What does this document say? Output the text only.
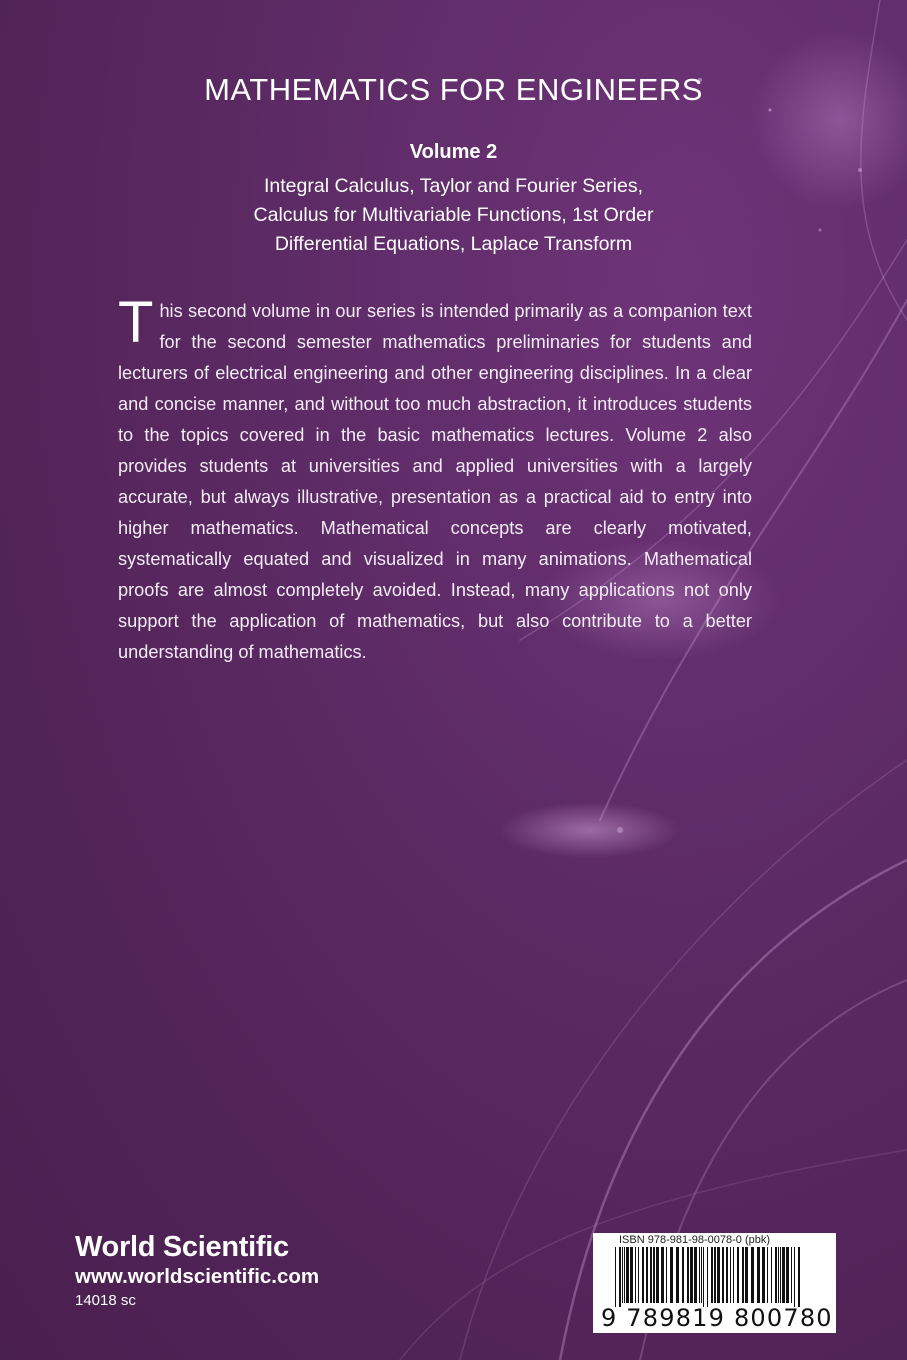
MATHEMATICS FOR ENGINEERS
Volume 2
Integral Calculus, Taylor and Fourier Series,
Calculus for Multivariable Functions, 1st Order
Differential Equations, Laplace Transform
This second volume in our series is intended primarily as a companion text for the second semester mathematics preliminaries for students and lecturers of electrical engineering and other engineering disciplines. In a clear and concise manner, and without too much abstraction, it introduces students to the topics covered in the basic mathematics lectures. Volume 2 also provides students at universities and applied universities with a largely accurate, but always illustrative, presentation as a practical aid to entry into higher mathematics. Mathematical concepts are clearly motivated, systematically equated and visualized in many animations. Mathematical proofs are almost completely avoided. Instead, many applications not only support the application of mathematics, but also contribute to a better understanding of mathematics.
World Scientific
www.worldscientific.com
14018 sc
ISBN 978-981-98-0078-0 (pbk)
9 789819 800780
